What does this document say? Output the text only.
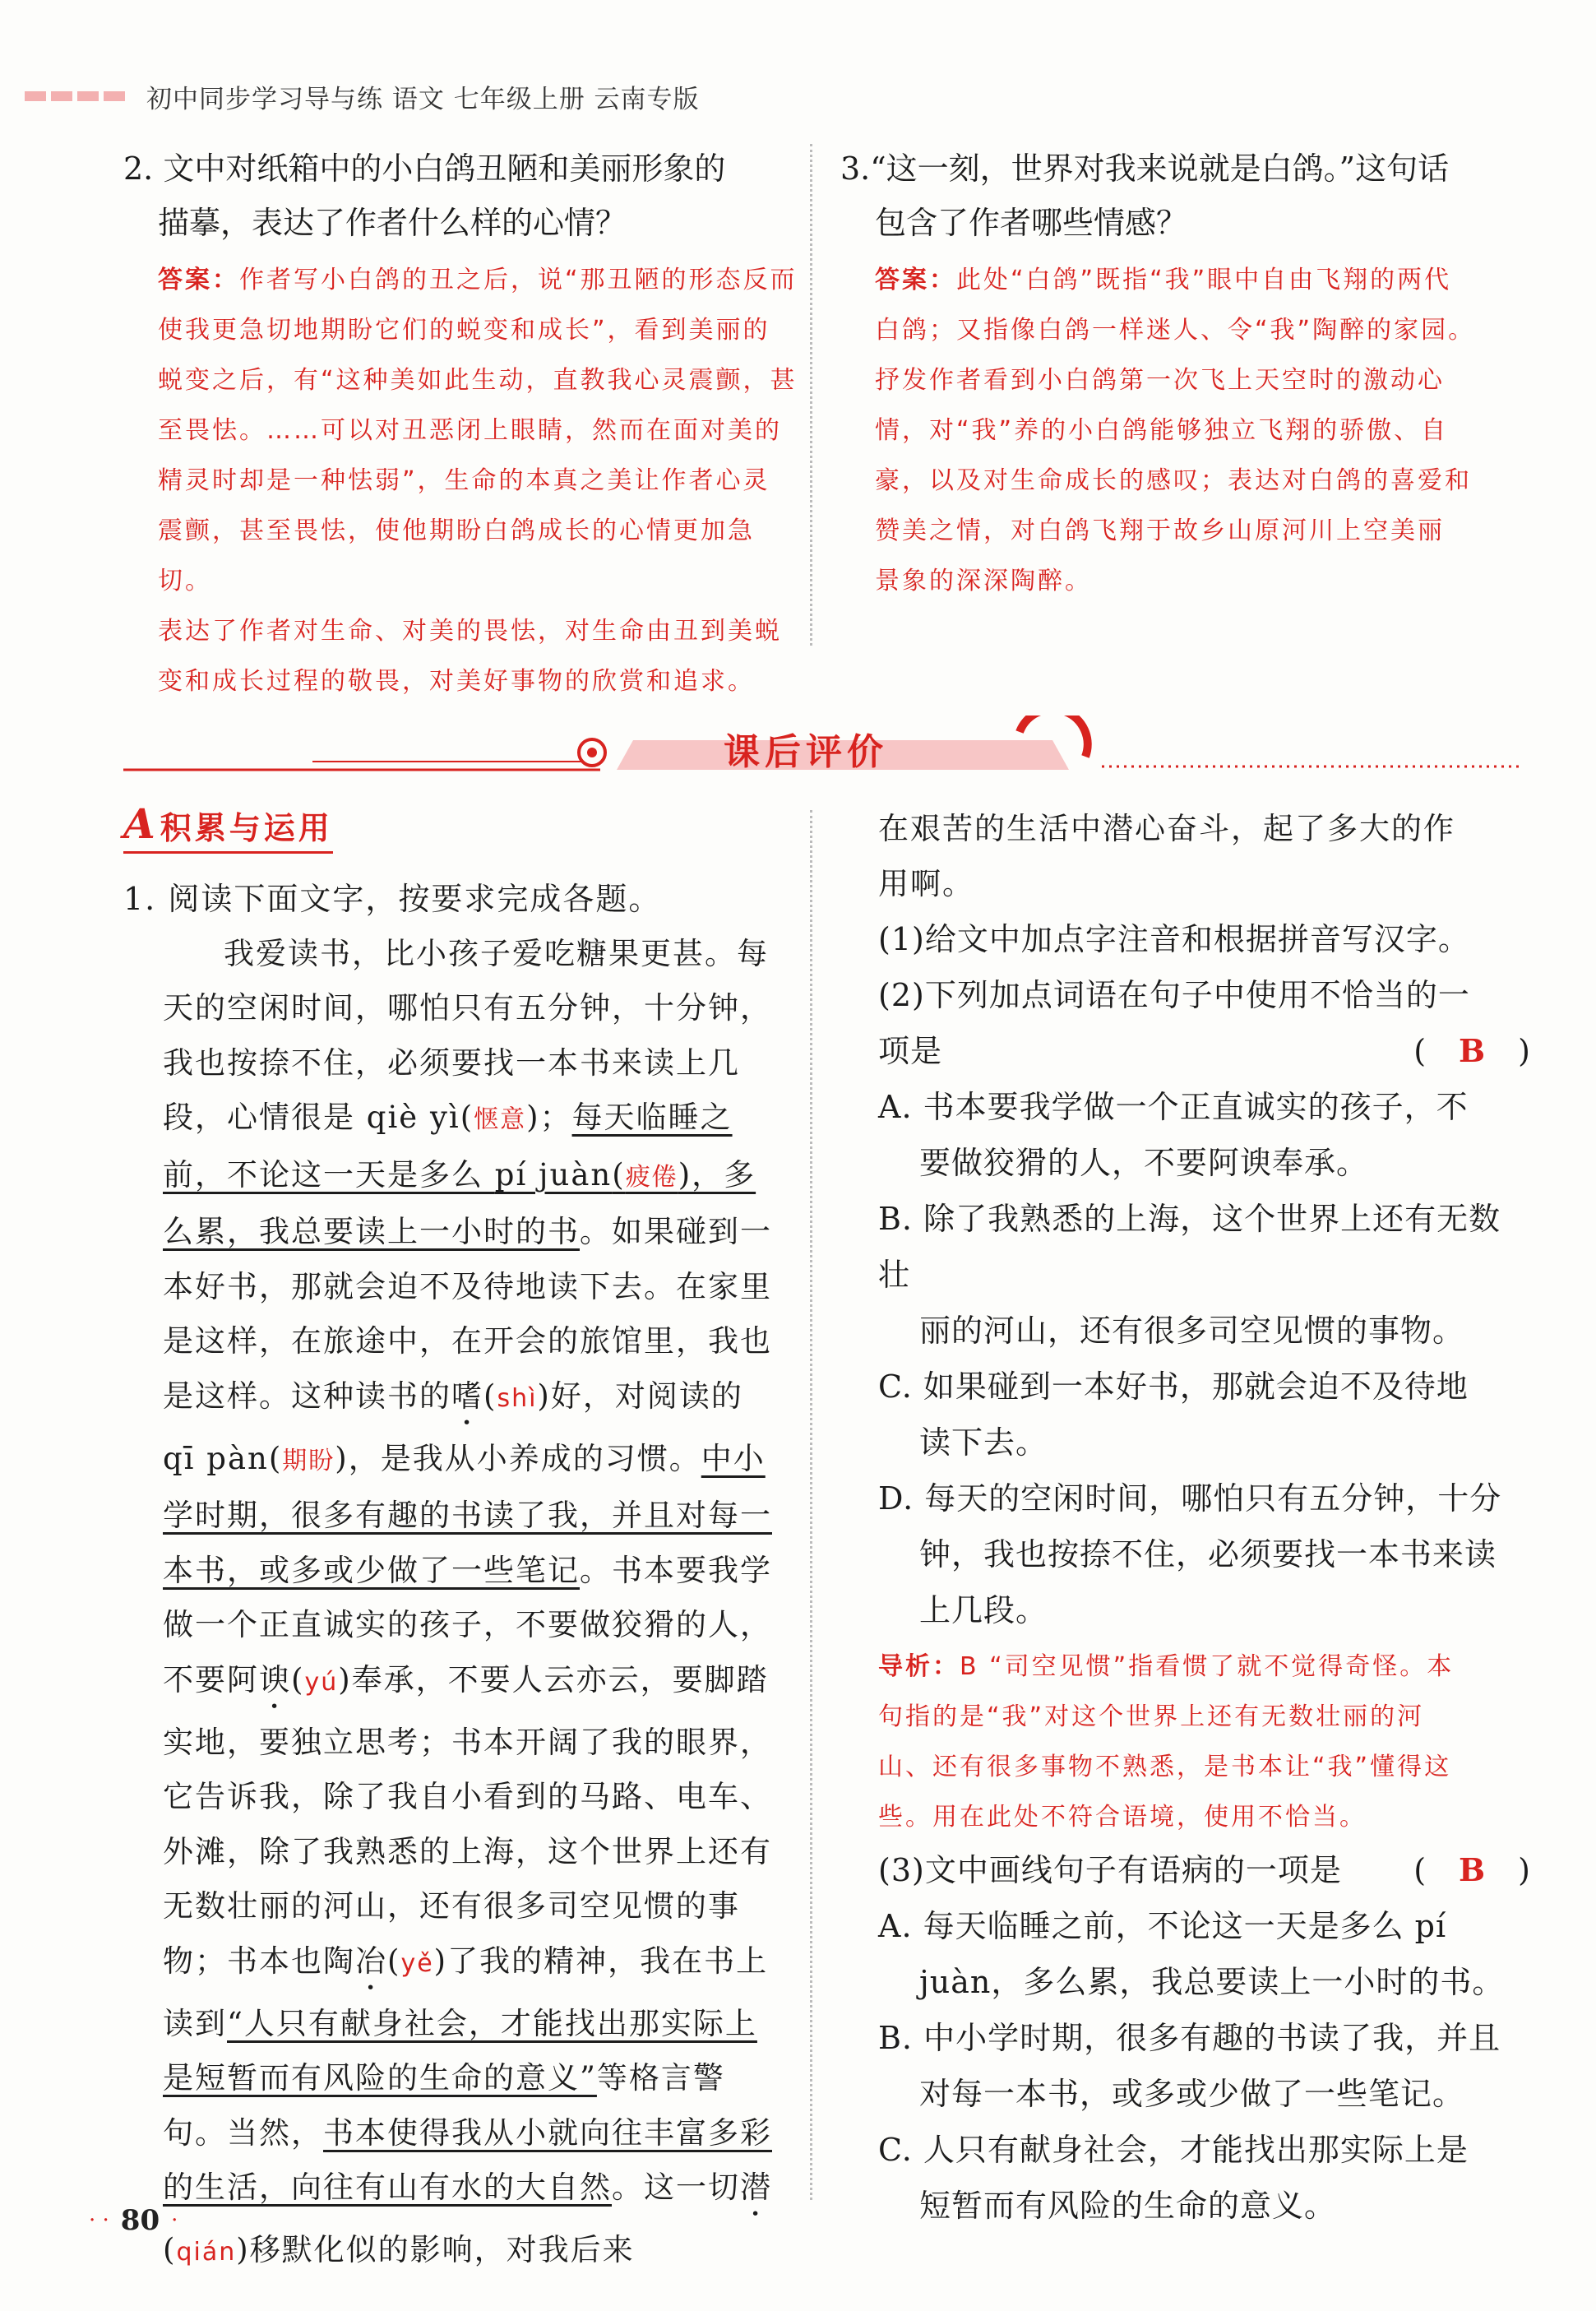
初中同步学习导与练 语文 七年级上册 云南专版
2. 文中对纸箱中的小白鸽丑陋和美丽形象的
描摹，表达了作者什么样的心情？
答案：作者写小白鸽的丑之后，说“那丑陋的形态反而
使我更急切地期盼它们的蜕变和成长”，看到美丽的
蜕变之后，有“这种美如此生动，直教我心灵震颤，甚
至畏怯。……可以对丑恶闭上眼睛，然而在面对美的
精灵时却是一种怯弱”，生命的本真之美让作者心灵
震颤，甚至畏怯，使他期盼白鸽成长的心情更加急切。
表达了作者对生命、对美的畏怯，对生命由丑到美蜕
变和成长过程的敬畏，对美好事物的欣赏和追求。
3.“这一刻，世界对我来说就是白鸽。”这句话
包含了作者哪些情感？
答案：此处“白鸽”既指“我”眼中自由飞翔的两代
白鸽；又指像白鸽一样迷人、令“我”陶醉的家园。
抒发作者看到小白鸽第一次飞上天空时的激动心
情，对“我”养的小白鸽能够独立飞翔的骄傲、自
豪，以及对生命成长的感叹；表达对白鸽的喜爱和
赞美之情，对白鸽飞翔于故乡山原河川上空美丽
景象的深深陶醉。
课后评价
A 积累与运用
1. 阅读下面文字，按要求完成各题。
我爱读书，比小孩子爱吃糖果更甚。每天的空闲时间，哪怕只有五分钟，十分钟，我也按捺不住，必须要找一本书来读上几段，心情很是 qiè yì(惬意)；每天临睡之前，不论这一天是多么 pí juàn(疲倦)，多么累，我总要读上一小时的书。如果碰到一本好书，那就会迫不及待地读下去。在家里是这样，在旅途中，在开会的旅馆里，我也是这样。这种读书的嗜(shì)好，对阅读的 qī pàn(期盼)，是我从小养成的习惯。中小学时期，很多有趣的书读了我，并且对每一本书，或多或少做了一些笔记。书本要我学做一个正直诚实的孩子，不要做狡猾的人，不要阿谀(yú)奉承，不要人云亦云，要脚踏实地，要独立思考；书本开阔了我的眼界，它告诉我，除了我自小看到的马路、电车、外滩，除了我熟悉的上海，这个世界上还有无数壮丽的河山，还有很多司空见惯的事物；书本也陶冶(yě)了我的精神，我在书上读到“人只有献身社会，才能找出那实际上是短暂而有风险的生命的意义”等格言警句。当然，书本使得我从小就向往丰富多彩的生活，向往有山有水的大自然。这一切潜(qián)移默化似的影响，对我后来
在艰苦的生活中潜心奋斗，起了多大的作
用啊。
(1)给文中加点字注音和根据拼音写汉字。
(2)下列加点词语在句子中使用不恰当的一
项是	(　B　)
A. 书本要我学做一个正直诚实的孩子，不
要做狡猾的人，不要阿谀奉承。
B. 除了我熟悉的上海，这个世界上还有无数壮
丽的河山，还有很多司空见惯的事物。
C. 如果碰到一本好书，那就会迫不及待地
读下去。
D. 每天的空闲时间，哪怕只有五分钟，十分
钟，我也按捺不住，必须要找一本书来读
上几段。
导析：B “司空见惯”指看惯了就不觉得奇怪。本
句指的是“我”对这个世界上还有无数壮丽的河
山、还有很多事物不熟悉，是书本让“我”懂得这
些。用在此处不符合语境，使用不恰当。
(3)文中画线句子有语病的一项是 (　B　)
A. 每天临睡之前，不论这一天是多么 pí
juàn，多么累，我总要读上一小时的书。
B. 中小学时期，很多有趣的书读了我，并且
对每一本书，或多或少做了一些笔记。
C. 人只有献身社会，才能找出那实际上是
短暂而有风险的生命的意义。
· · 80 ·
